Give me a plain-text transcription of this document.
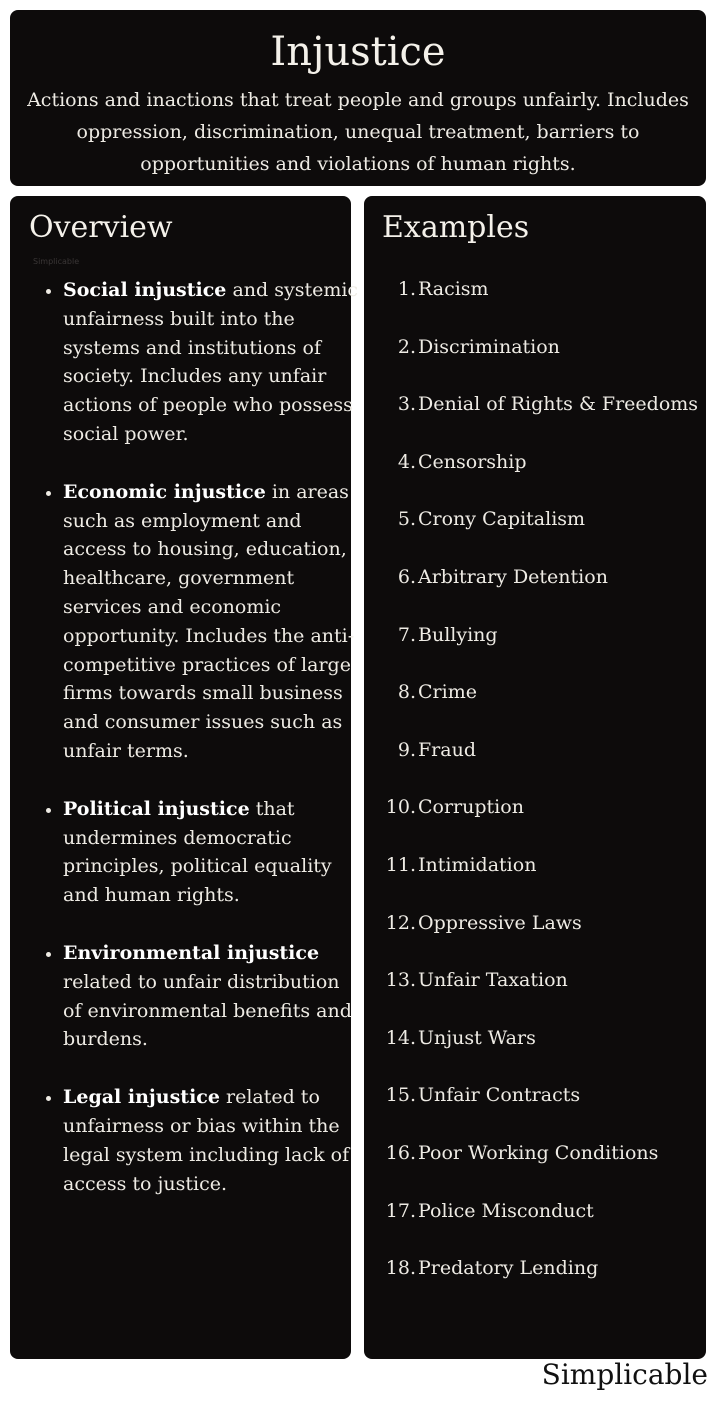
Injustice

Actions and inactions that treat people and groups unfairly. Includes oppression, discrimination, unequal treatment, barriers to opportunities and violations of human rights.

Overview
Simplicable
• Social injustice and systemic unfairness built into the systems and institutions of society. Includes any unfair actions of people who possess social power.
• Economic injustice in areas such as employment and access to housing, education, healthcare, government services and economic opportunity. Includes the anti-competitive practices of large firms towards small business and consumer issues such as unfair terms.
• Political injustice that undermines democratic principles, political equality and human rights.
• Environmental injustice related to unfair distribution of environmental benefits and burdens.
• Legal injustice related to unfairness or bias within the legal system including lack of access to justice.
Examples
1. Racism
2. Discrimination
3. Denial of Rights & Freedoms
4. Censorship
5. Crony Capitalism
6. Arbitrary Detention
7. Bullying
8. Crime
9. Fraud
10. Corruption
11. Intimidation
12. Oppressive Laws
13. Unfair Taxation
14. Unjust Wars
15. Unfair Contracts
16. Poor Working Conditions
17. Police Misconduct
18. Predatory Lending
Simplicable
